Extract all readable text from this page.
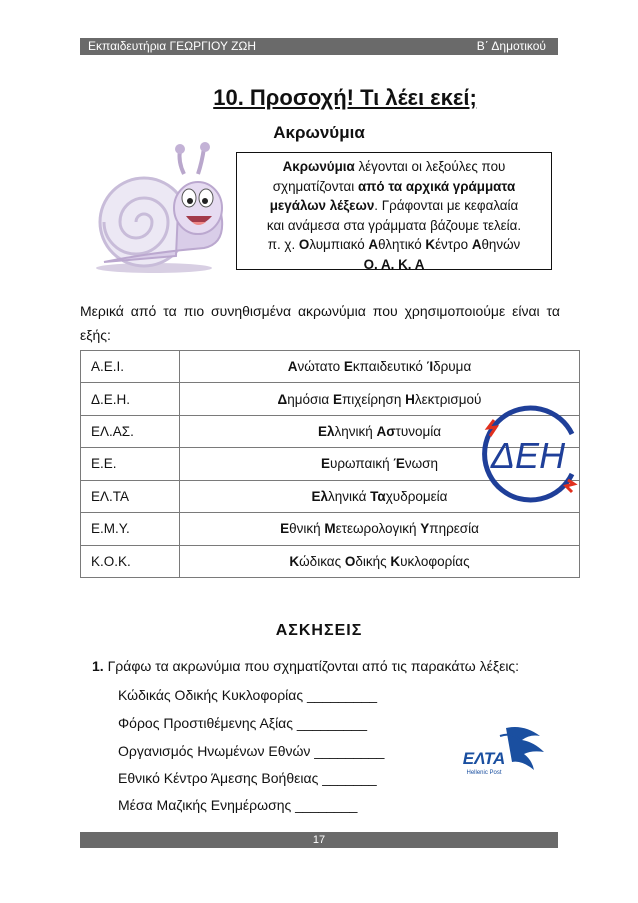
Εκπαιδευτήρια ΓΕΩΡΓΙΟΥ ΖΩΗ	Β΄ Δημοτικού
10. Προσοχή! Τι λέει εκεί;
Ακρωνύμια
Ακρωνύμια λέγονται οι λεξούλες που
σχηματίζονται από τα αρχικά γράμματα
μεγάλων λέξεων. Γράφονται με κεφαλαία
και ανάμεσα στα γράμματα βάζουμε τελεία.
π. χ. Ολυμπιακό Αθλητικό Κέντρο Αθηνών
Ο. Α. Κ. Α
Μερικά από τα πιο συνηθισμένα ακρωνύμια που χρησιμοποιούμε είναι τα εξής:
Α.Ε.Ι.	Ανώτατο Εκπαιδευτικό Ίδρυμα
Δ.Ε.Η.	Δημόσια Επιχείρηση Ηλεκτρισμού
ΕΛ.ΑΣ.	Ελληνική Αστυνομία
Ε.Ε.	Ευρωπαική Ένωση
ΕΛ.ΤΑ	Ελληνικά Ταχυδρομεία
Ε.Μ.Υ.	Εθνική Μετεωρολογική Υπηρεσία
Κ.Ο.Κ.	Κώδικας Οδικής Κυκλοφορίας
ΔΕΗ
ΑΣΚΗΣΕΙΣ
1. Γράφω τα ακρωνύμια που σχηματίζονται από τις παρακάτω λέξεις:
Κώδικάς Οδικής Κυκλοφορίας _________
Φόρος Προστιθέμενης Αξίας _________
Οργανισμός Ηνωμένων Εθνών _________
Εθνικό Κέντρο Άμεσης Βοήθειας _______
Μέσα Μαζικής Ενημέρωσης ________
ΕΛΤΑ
Hellenic Post
17
